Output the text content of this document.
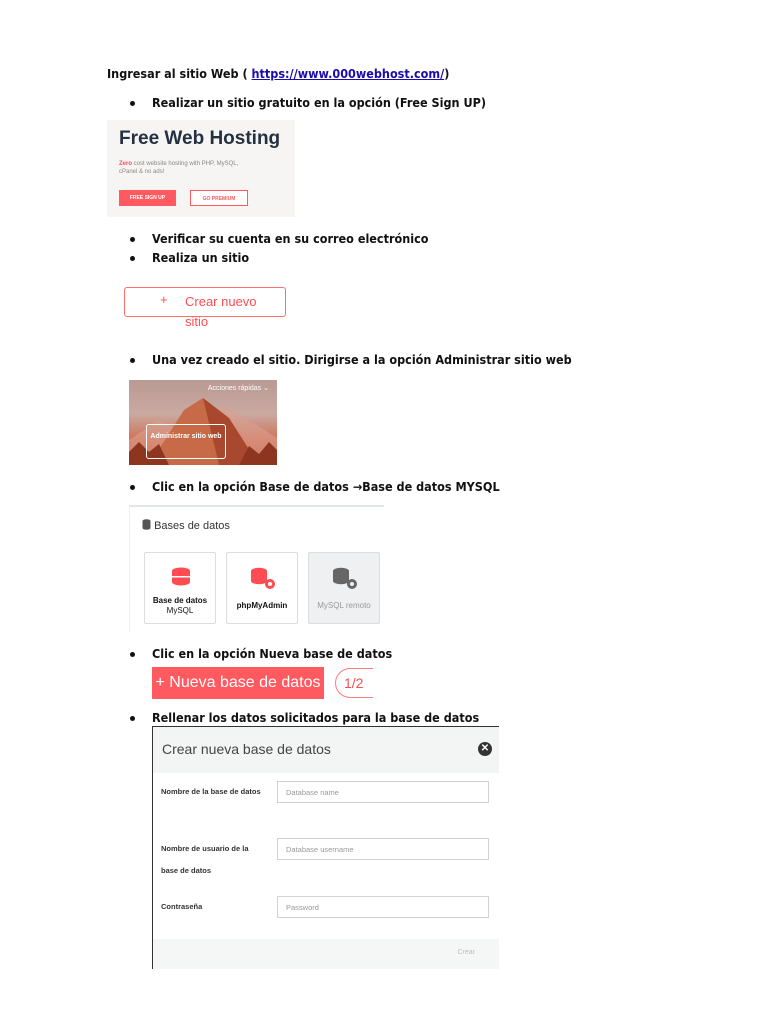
Ingresar al sitio Web ( https://www.000webhost.com/)
Realizar un sitio gratuito en la opción (Free Sign UP)
Free Web Hosting
Zero cost website hosting with PHP, MySQL, cPanel & no ads!
FREE SIGN UP	GO PREMIUM
Verificar su cuenta en su correo electrónico
Realiza un sitio
+ Crear nuevo sitio
Una vez creado el sitio. Dirigirse a la opción Administrar sitio web
Acciones rápidas ⌄
Administrar sitio web
Clic en la opción Base de datos →Base de datos MYSQL
Bases de datos
Base de datos
MySQL
phpMyAdmin	MySQL remoto
Clic en la opción Nueva base de datos
+ Nueva base de datos	1/2
Rellenar los datos solicitados para la base de datos
Crear nueva base de datos	✕
Nombre de la base de datos
Database name
Nombre de usuario de la base de datos
Database username
Contraseña
Password
Crear
